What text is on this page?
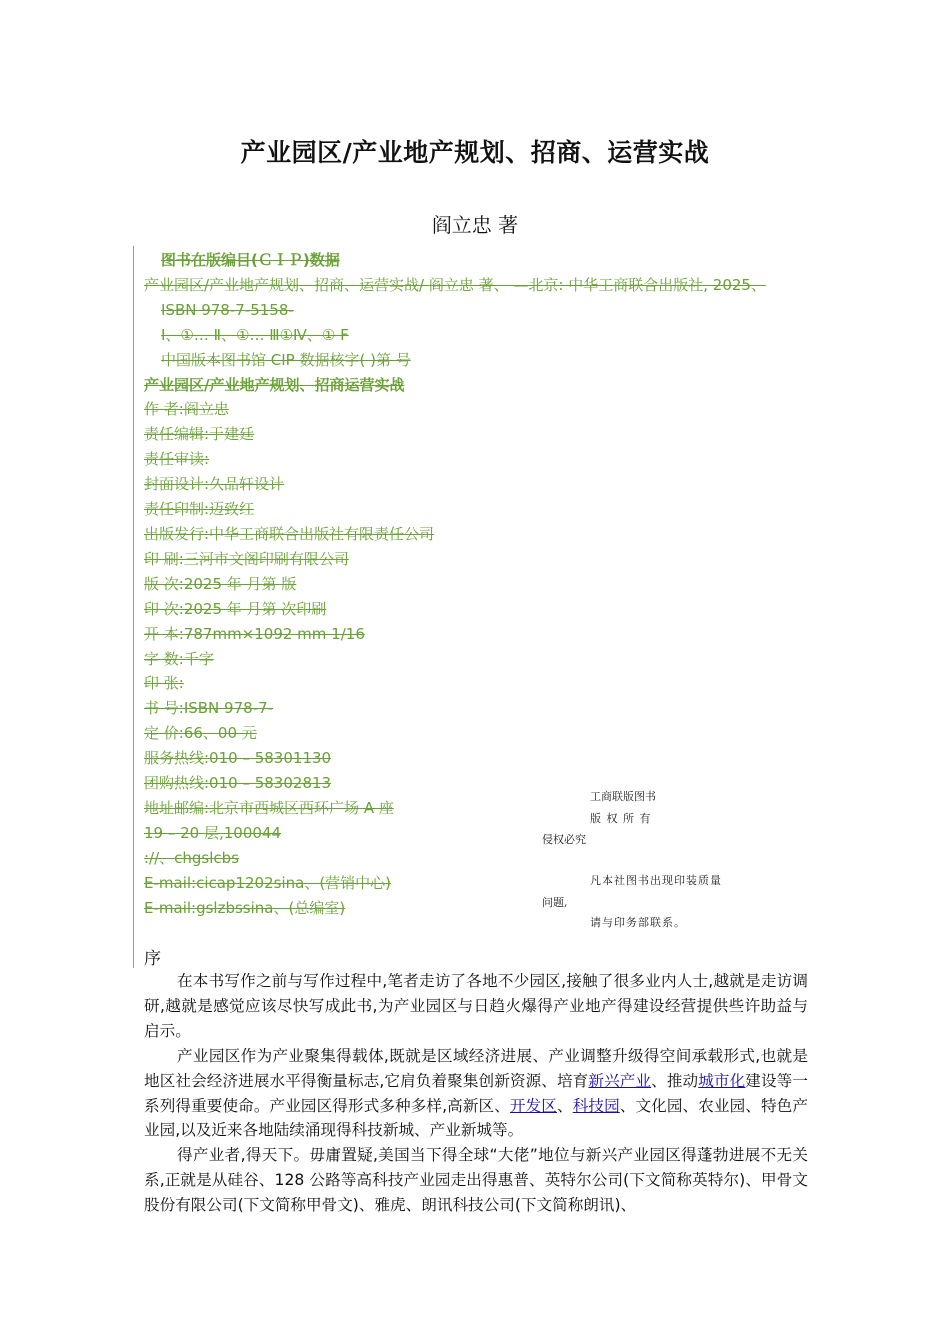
产业园区/产业地产规划、招商、运营实战
阎立忠 著
图书在版编目(ＣＩＰ)数据
产业园区/产业地产规划、招商、运营实战/ 阎立忠 著、 —北京: 中华工商联合出版社, 2025、
ISBN 978-7-5158-
Ⅰ、①… Ⅱ、①… Ⅲ①Ⅳ、① F
中国版本图书馆 CIP 数据核字( )第 号
产业园区/产业地产规划、招商运营实战
作 者:阎立忠
责任编辑:于建廷
责任审读:
封面设计:久品轩设计
责任印制:迈致红
出版发行:中华工商联合出版社有限责任公司
印 刷:三河市文阁印刷有限公司
版 次:2025 年 月第 版
印 次:2025 年 月第 次印刷
开 本:787mm×1092 mm 1/16
字 数:千字
印 张:
书 号:ISBN 978-7-
定 价:66、00 元
服务热线:010 – 58301130
团购热线:010 – 58302813
地址邮编:北京市西城区西环广场 A 座
19 – 20 层,100044
://、chgslcbs
E-mail:cicap1202sina、(营销中心)
E-mail:gslzbssina、(总编室)
工商联版图书
版 权 所 有
侵权必究
凡本社图书出现印装质量
问题,
请与印务部联系。
序

在本书写作之前与写作过程中,笔者走访了各地不少园区,接触了很多业内人士,越就是走访调研,越就是感觉应该尽快写成此书,为产业园区与日趋火爆得产业地产得建设经营提供些许助益与启示。

产业园区作为产业聚集得载体,既就是区域经济进展、产业调整升级得空间承载形式,也就是地区社会经济进展水平得衡量标志,它肩负着聚集创新资源、培育新兴产业、推动城市化建设等一系列得重要使命。产业园区得形式多种多样,高新区、开发区、科技园、文化园、农业园、特色产业园,以及近来各地陆续涌现得科技新城、产业新城等。

得产业者,得天下。毋庸置疑,美国当下得全球“大佬”地位与新兴产业园区得蓬勃进展不无关系,正就是从硅谷、128 公路等高科技产业园走出得惠普、英特尔公司(下文简称英特尔)、甲骨文股份有限公司(下文简称甲骨文)、雅虎、朗讯科技公司(下文简称朗讯)、
